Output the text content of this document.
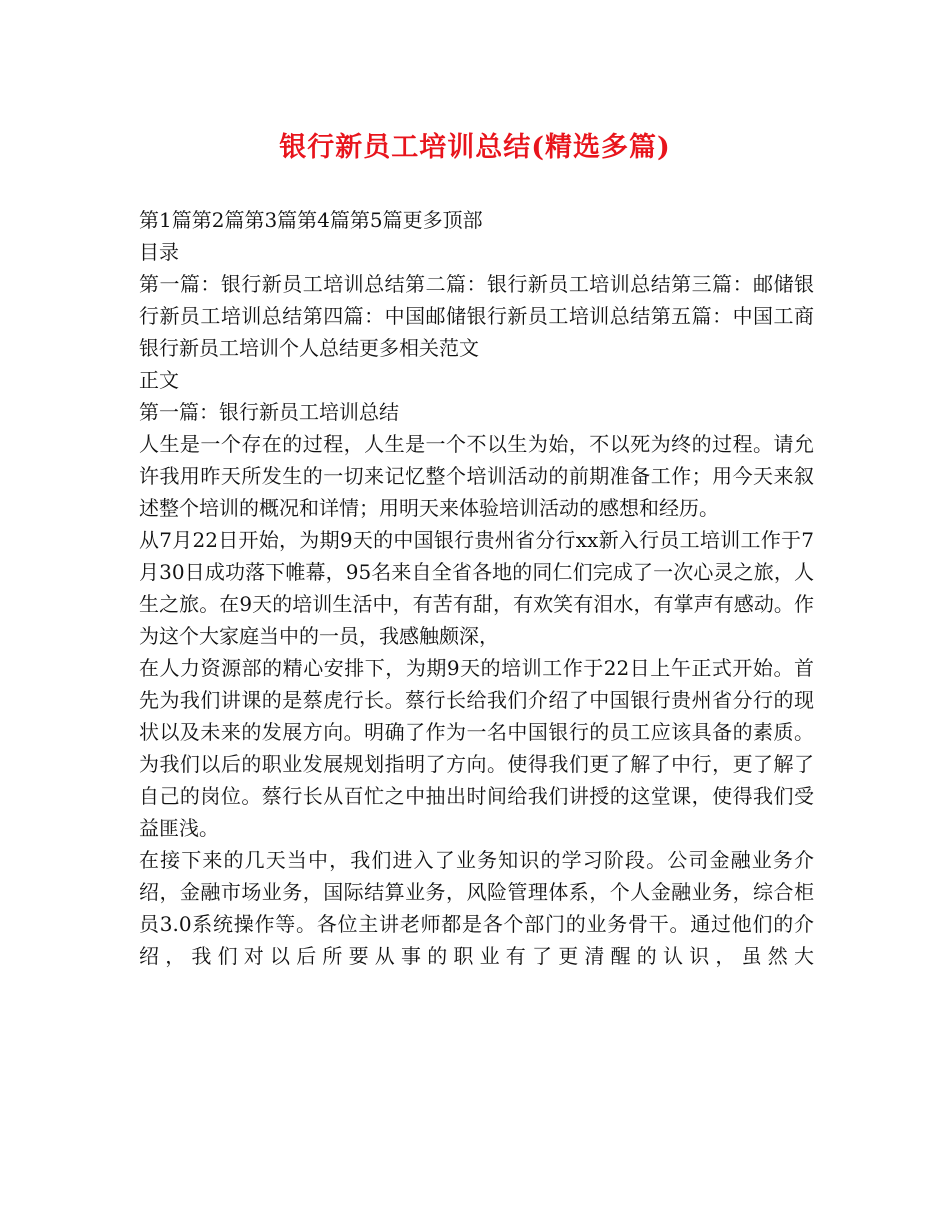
银行新员工培训总结(精选多篇)

第1篇第2篇第3篇第4篇第5篇更多顶部

目录

第一篇：银行新员工培训总结第二篇：银行新员工培训总结第三篇：邮储银行新员工培训总结第四篇：中国邮储银行新员工培训总结第五篇：中国工商银行新员工培训个人总结更多相关范文

正文

第一篇：银行新员工培训总结

人生是一个存在的过程，人生是一个不以生为始，不以死为终的过程。请允许我用昨天所发生的一切来记忆整个培训活动的前期准备工作；用今天来叙述整个培训的概况和详情；用明天来体验培训活动的感想和经历。

从7月22日开始，为期9天的中国银行贵州省分行xx新入行员工培训工作于7月30日成功落下帷幕，95名来自全省各地的同仁们完成了一次心灵之旅，人生之旅。在9天的培训生活中，有苦有甜，有欢笑有泪水，有掌声有感动。作为这个大家庭当中的一员，我感触颇深，

在人力资源部的精心安排下，为期9天的培训工作于22日上午正式开始。首先为我们讲课的是蔡虎行长。蔡行长给我们介绍了中国银行贵州省分行的现状以及未来的发展方向。明确了作为一名中国银行的员工应该具备的素质。为我们以后的职业发展规划指明了方向。使得我们更了解了中行，更了解了自己的岗位。蔡行长从百忙之中抽出时间给我们讲授的这堂课，使得我们受益匪浅。

在接下来的几天当中，我们进入了业务知识的学习阶段。公司金融业务介绍，金融市场业务，国际结算业务，风险管理体系，个人金融业务，综合柜员3.0系统操作等。各位主讲老师都是各个部门的业务骨干。通过他们的介绍，我们对以后所要从事的职业有了更清醒的认识，虽然大
